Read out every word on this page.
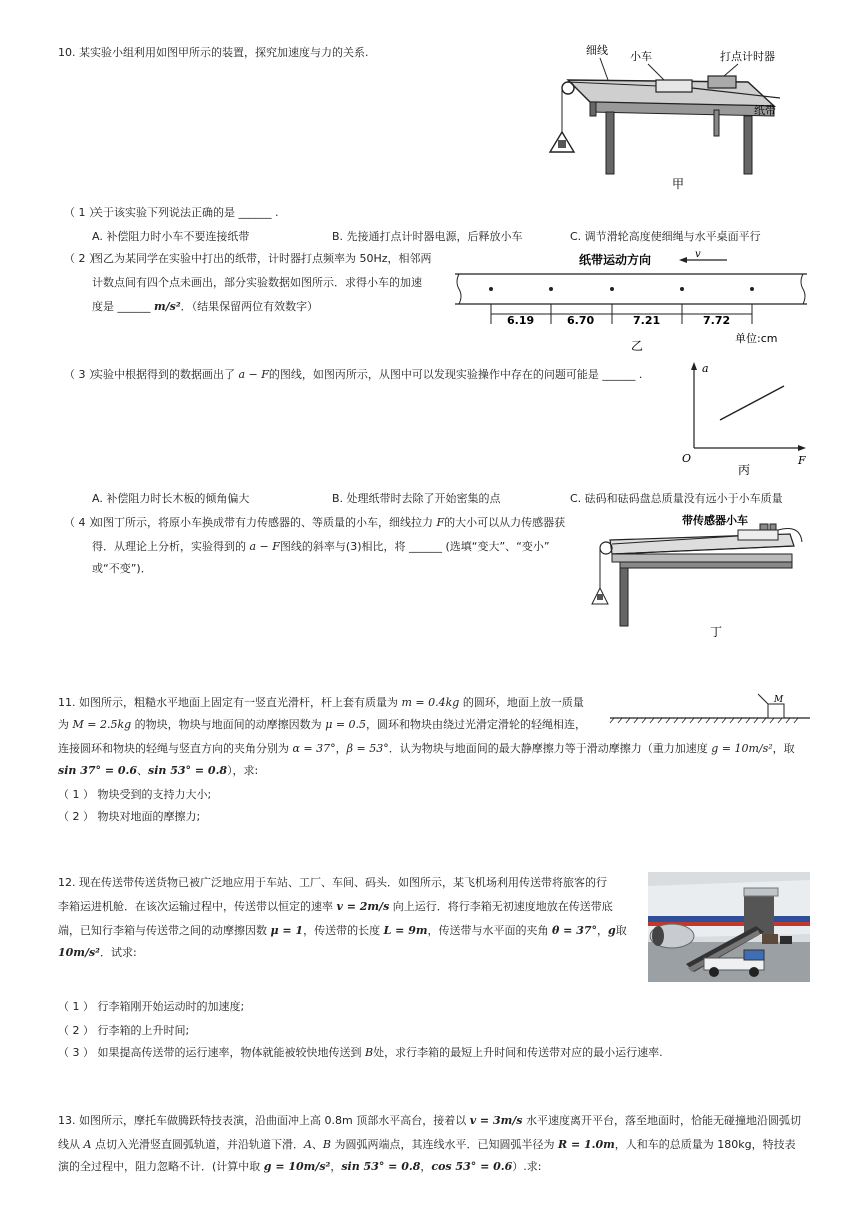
10. 某实验小组利用如图甲所示的装置，探究加速度与力的关系.	细线 小车	打点计时器
纸带
甲
（ 1 ）
关于该实验下列说法正确的是 ______ .
A. 补偿阻力时小车不要连接纸带	B. 先接通打点计时器电源，后释放小车	C. 调节滑轮高度使细绳与水平桌面平行
（ 2 ）
图乙为某同学在实验中打出的纸带，计时器打点频率为 50Hz，相邻两
计数点间有四个点未画出，部分实验数据如图所示．求得小车的加速
度是 ______ m/s²．（结果保留两位有效数字）
纸带运动方向	v
6.19	6.70	7.21	7.72
单位:cm
乙
（ 3 ）
实验中根据得到的数据画出了 a − F的图线，如图丙所示，从图中可以发现实验操作中存在的问题可能是 ______ .	a
F
O
丙
A. 补偿阻力时长木板的倾角偏大	B. 处理纸带时去除了开始密集的点	C. 砝码和砝码盘总质量没有远小于小车质量
（ 4 ）
如图丁所示，将原小车换成带有力传感器的、等质量的小车，细线拉力 F的大小可以从力传感器获
得．从理论上分析，实验得到的 a − F图线的斜率与(3)相比，将 ______ (选填“变大”、“变小”
或“不变”)．
带传感器小车
丁
11. 如图所示，粗糙水平地面上固定有一竖直光滑杆，杆上套有质量为 m = 0.4kg 的圆环，地面上放一质量
为 M = 2.5kg 的物块，物块与地面间的动摩擦因数为 μ = 0.5，圆环和物块由绕过光滑定滑轮的轻绳相连，
连接圆环和物块的轻绳与竖直方向的夹角分别为 α = 37°，β = 53°．认为物块与地面间的最大静摩擦力等于滑动摩擦力（重力加速度 g = 10m/s²，取
sin 37° = 0.6、sin 53° = 0.8），求:
（ 1 ） 物块受到的支持力大小;
（ 2 ） 物块对地面的摩擦力;
M
12. 现在传送带传送货物已被广泛地应用于车站、工厂、车间、码头．如图所示，某飞机场利用传送带将旅客的行
李箱运进机舱．在该次运输过程中，传送带以恒定的速率 v = 2m/s 向上运行．将行李箱无初速度地放在传送带底
端，已知行李箱与传送带之间的动摩擦因数 μ = 1，传送带的长度 L = 9m，传送带与水平面的夹角 θ = 37°，g取
10m/s²．试求:
（ 1 ） 行李箱刚开始运动时的加速度;
（ 2 ） 行李箱的上升时间;
（ 3 ） 如果提高传送带的运行速率，物体就能被较快地传送到 B处，求行李箱的最短上升时间和传送带对应的最小运行速率.
13. 如图所示，摩托车做腾跃特技表演，沿曲面冲上高 0.8m 顶部水平高台，接着以 v = 3m/s 水平速度离开平台，落至地面时，恰能无碰撞地沿圆弧切
线从 A 点切入光滑竖直圆弧轨道，并沿轨道下滑．A、B 为圆弧两端点，其连线水平．已知圆弧半径为 R = 1.0m，人和车的总质量为 180kg，特技表
演的全过程中，阻力忽略不计．(计算中取 g = 10m/s²，sin 53° = 0.8，cos 53° = 0.6）.求:
